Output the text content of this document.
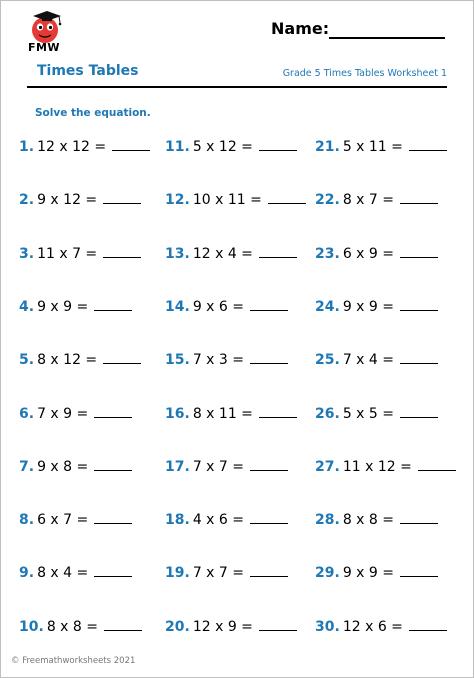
FMW
Name:
Times Tables	Grade 5 Times Tables Worksheet 1
Solve the equation.
1. 12 x 12 =
2. 9 x 12 =
3. 11 x 7 =
4. 9 x 9 =
5. 8 x 12 =
6. 7 x 9 =
7. 9 x 8 =
8. 6 x 7 =
9. 8 x 4 =
10. 8 x 8 =
11. 5 x 12 =
12. 10 x 11 =
13. 12 x 4 =
14. 9 x 6 =
15. 7 x 3 =
16. 8 x 11 =
17. 7 x 7 =
18. 4 x 6 =
19. 7 x 7 =
20. 12 x 9 =
21. 5 x 11 =
22. 8 x 7 =
23. 6 x 9 =
24. 9 x 9 =
25. 7 x 4 =
26. 5 x 5 =
27. 11 x 12 =
28. 8 x 8 =
29. 9 x 9 =
30. 12 x 6 =
© Freemathworksheets 2021
